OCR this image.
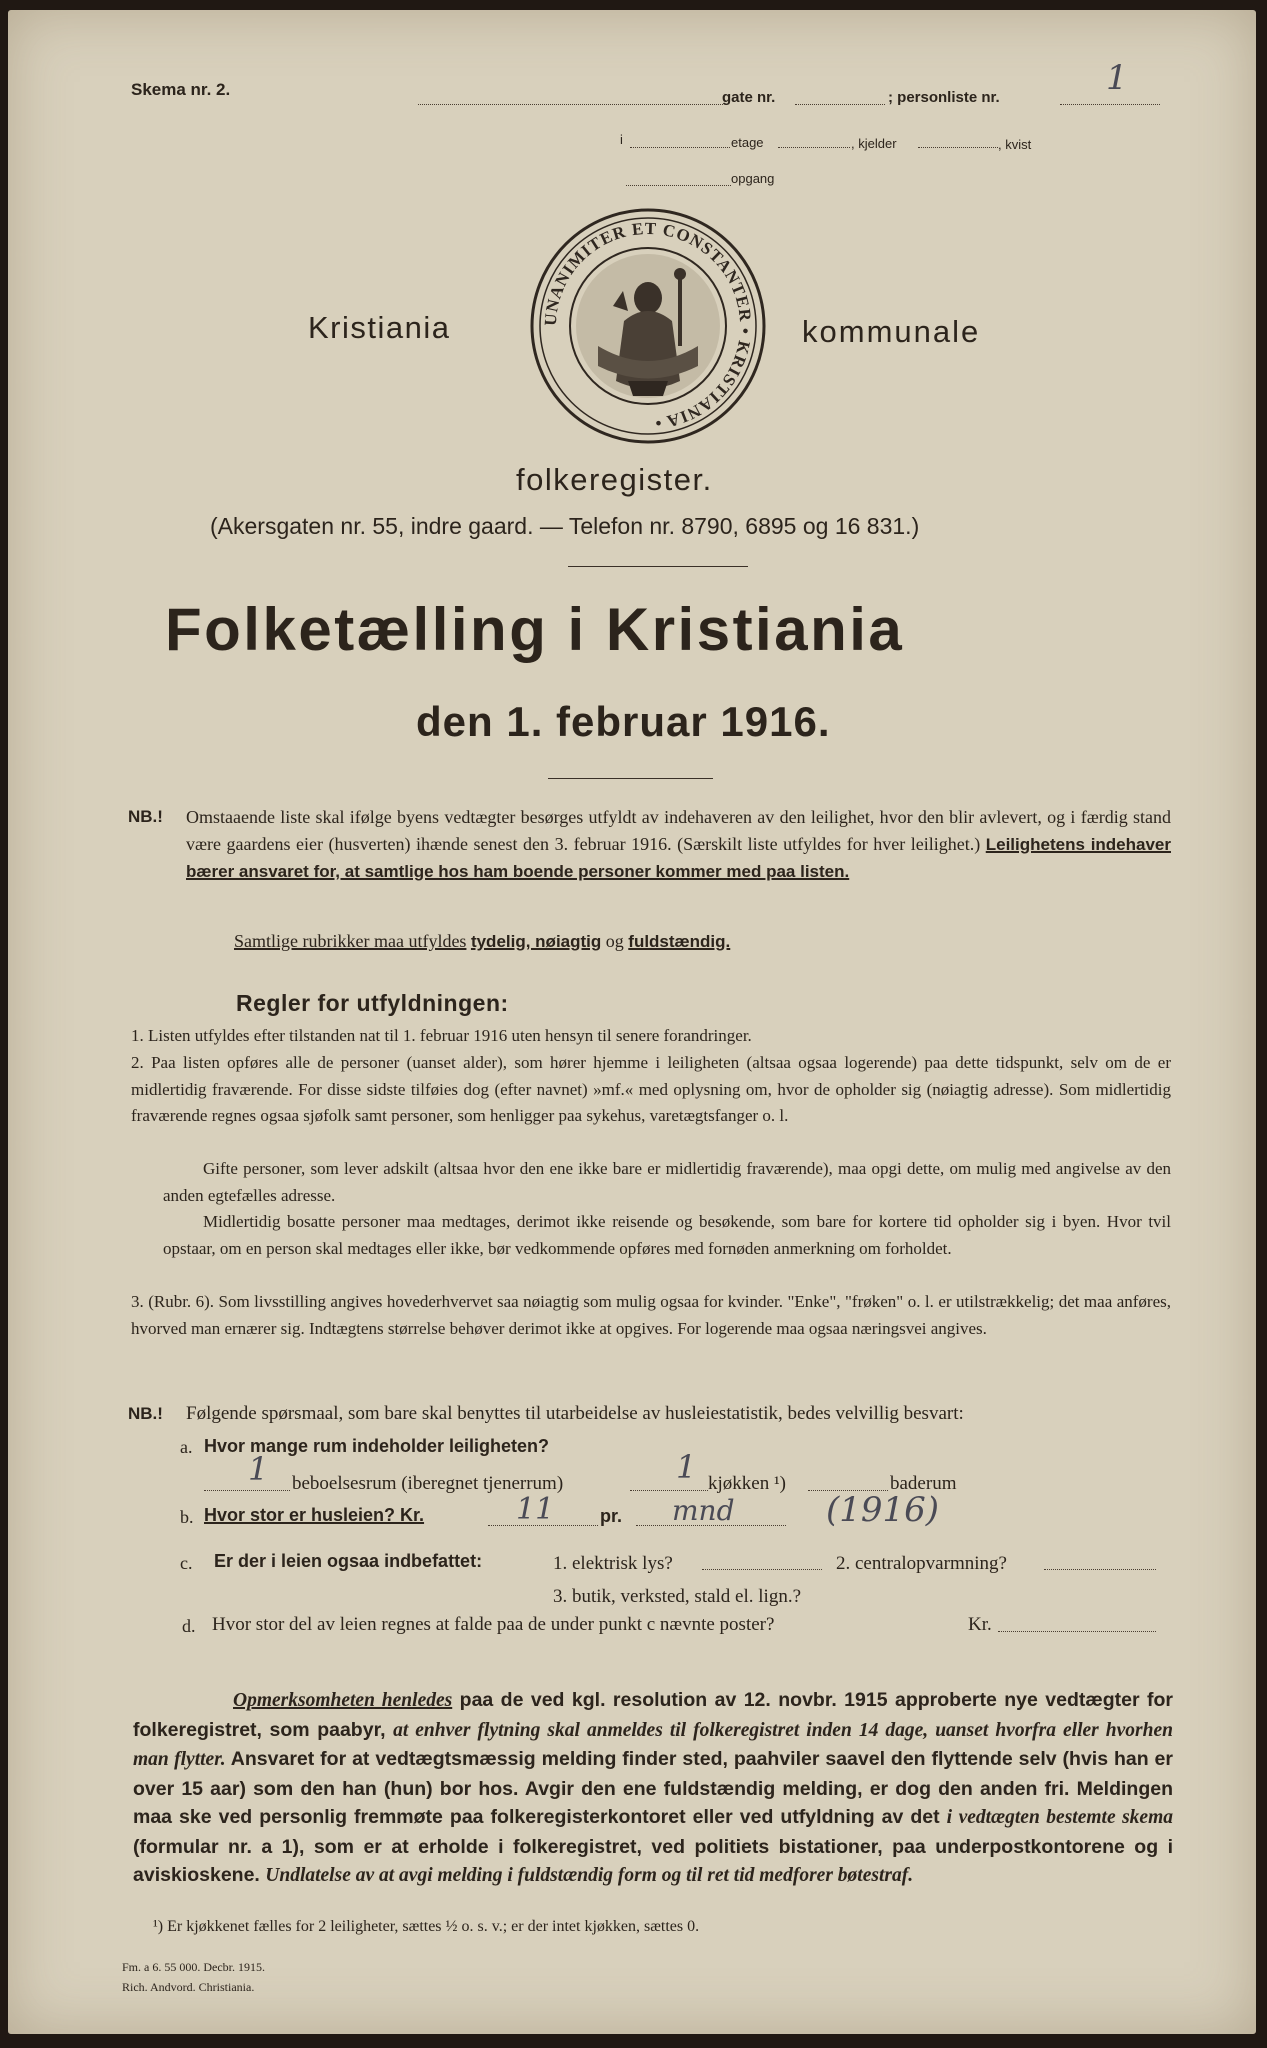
Skema nr. 2.	gate nr.	; personliste nr.	1
i	etage	, kjelder	, kvist
opgang
UNANIMITER ET CONSTANTER • KRISTIANIA •
Kristiania	kommunale
folkeregister.
(Akersgaten nr. 55, indre gaard. — Telefon nr. 8790, 6895 og 16 831.)
Folketælling i Kristiania
den 1. februar 1916.
NB.! Omstaaende liste skal ifølge byens vedtægter besørges utfyldt av indehaveren av den leilighet, hvor den blir avlevert, og i færdig stand være gaardens eier (husverten) ihænde senest den 3. februar 1916. (Særskilt liste utfyldes for hver leilighet.) Leilighetens indehaver bærer ansvaret for, at samtlige hos ham boende personer kommer med paa listen.
Samtlige rubrikker maa utfyldes tydelig, nøiagtig og fuldstændig.
Regler for utfyldningen:
1. Listen utfyldes efter tilstanden nat til 1. februar 1916 uten hensyn til senere forandringer.
2. Paa listen opføres alle de personer (uanset alder), som hører hjemme i leiligheten (altsaa ogsaa logerende) paa dette tidspunkt, selv om de er midlertidig fraværende. For disse sidste tilføies dog (efter navnet) »mf.« med oplysning om, hvor de opholder sig (nøiagtig adresse). Som midlertidig fraværende regnes ogsaa sjøfolk samt personer, som henligger paa sykehus, varetægtsfanger o. l.
Gifte personer, som lever adskilt (altsaa hvor den ene ikke bare er midlertidig fraværende), maa opgi dette, om mulig med angivelse av den anden egtefælles adresse.
Midlertidig bosatte personer maa medtages, derimot ikke reisende og besøkende, som bare for kortere tid opholder sig i byen. Hvor tvil opstaar, om en person skal medtages eller ikke, bør vedkommende opføres med fornøden anmerkning om forholdet.
3. (Rubr. 6). Som livsstilling angives hovederhvervet saa nøiagtig som mulig ogsaa for kvinder. "Enke", "frøken" o. l. er utilstrækkelig; det maa anføres, hvorved man ernærer sig. Indtægtens størrelse behøver derimot ikke at opgives. For logerende maa ogsaa næringsvei angives.
NB.! Følgende spørsmaal, som bare skal benyttes til utarbeidelse av husleiestatistik, bedes velvillig besvart:
a. Hvor mange rum indeholder leiligheten?
1 beboelsesrum (iberegnet tjenerrum)	1 kjøkken ¹)	baderum
b. Hvor stor er husleien? Kr.	11	pr. mnd	(1916)
c. Er der i leien ogsaa indbefattet:	1. elektrisk lys?	2. centralopvarmning?
3. butik, verksted, stald el. lign.?
d. Hvor stor del av leien regnes at falde paa de under punkt c nævnte poster?	Kr.
Opmerksomheten henledes paa de ved kgl. resolution av 12. novbr. 1915 approberte nye vedtægter for folkeregistret, som paabyr, at enhver flytning skal anmeldes til folkeregistret inden 14 dage, uanset hvorfra eller hvorhen man flytter. Ansvaret for at vedtægtsmæssig melding finder sted, paahviler saavel den flyttende selv (hvis han er over 15 aar) som den han (hun) bor hos. Avgir den ene fuldstændig melding, er dog den anden fri. Meldingen maa ske ved personlig fremmøte paa folkeregisterkontoret eller ved utfyldning av det i vedtægten bestemte skema (formular nr. a 1), som er at erholde i folkeregistret, ved politiets bistationer, paa underpostkontorene og i aviskioskene. Undlatelse av at avgi melding i fuldstændig form og til ret tid medforer bøtestraf.
¹) Er kjøkkenet fælles for 2 leiligheter, sættes ½ o. s. v.; er der intet kjøkken, sættes 0.
Fm. a 6. 55 000. Decbr. 1915.
Rich. Andvord. Christiania.
